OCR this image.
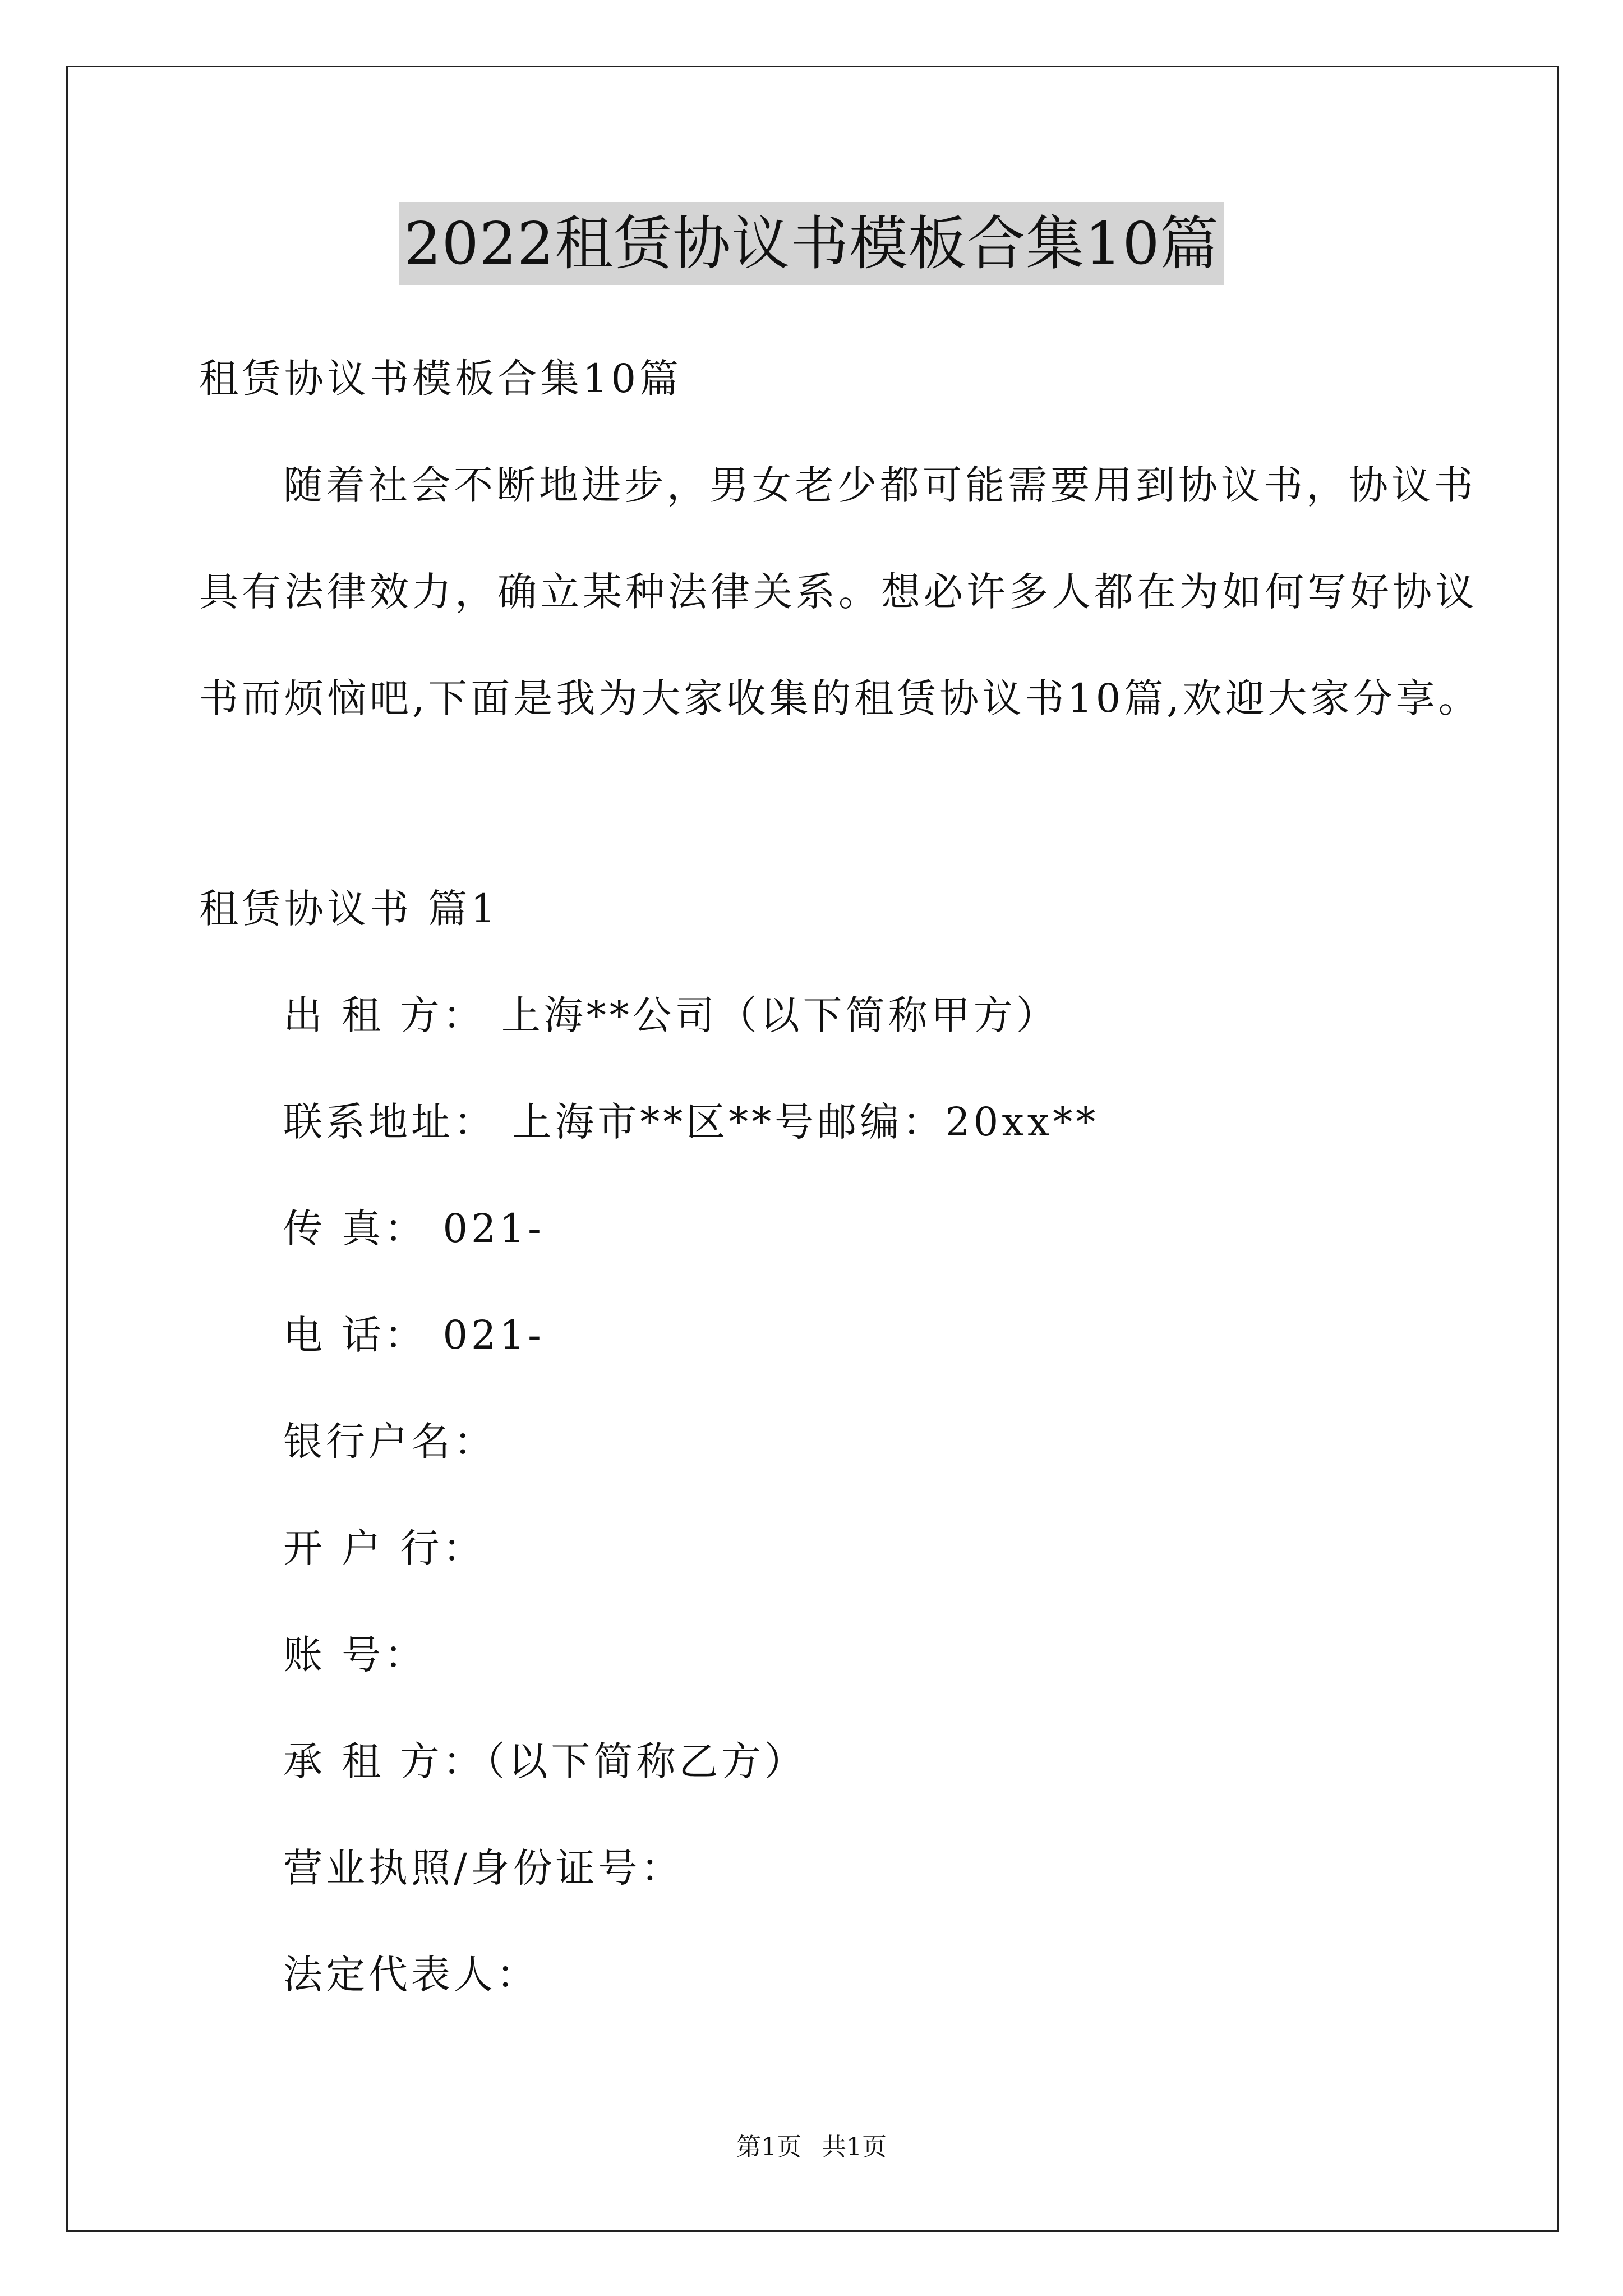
2022租赁协议书模板合集10篇
租赁协议书模板合集10篇
随着社会不断地进步，男女老少都可能需要用到协议书，协议书
具有法律效力，确立某种法律关系。想必许多人都在为如何写好协议
书而烦恼吧,下面是我为大家收集的租赁协议书10篇,欢迎大家分享。
租赁协议书 篇1
出 租 方： 上海**公司（以下简称甲方）
联系地址： 上海市**区**号邮编：20xx**
传 真： 021-
电 话： 021-
银行户名：
开 户 行：
账 号：
承 租 方：（以下简称乙方）
营业执照/身份证号：
法定代表人：
第1页 共1页
